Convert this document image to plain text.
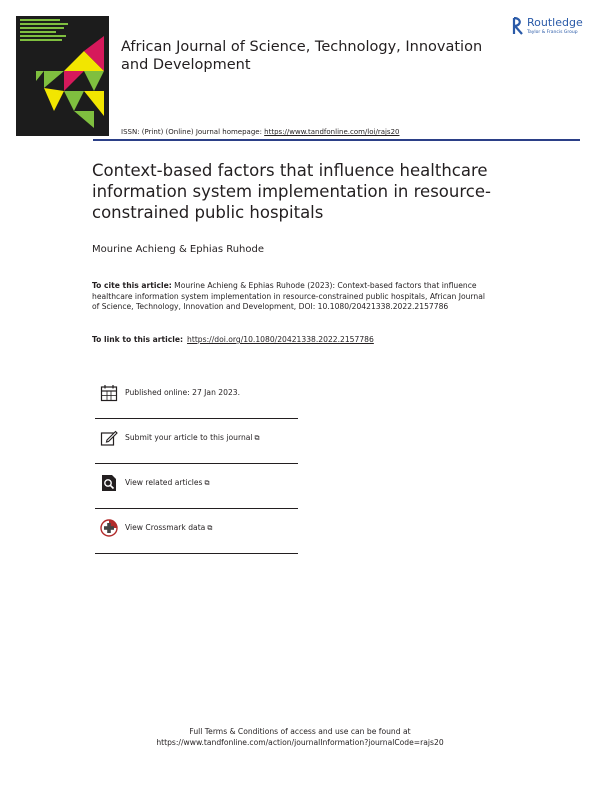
African Journal of Science, Technology, Innovation and Development
Routledge
Taylor & Francis Group
ISSN: (Print) (Online) Journal homepage: https://www.tandfonline.com/loi/rajs20
Context-based factors that influence healthcare information system implementation in resource-constrained public hospitals
Mourine Achieng & Ephias Ruhode
To cite this article: Mourine Achieng & Ephias Ruhode (2023): Context-based factors that influence healthcare information system implementation in resource-constrained public hospitals, African Journal of Science, Technology, Innovation and Development, DOI: 10.1080/20421338.2022.2157786
To link to this article: https://doi.org/10.1080/20421338.2022.2157786
Published online: 27 Jan 2023.
Submit your article to this journal ⧉
View related articles ⧉
View Crossmark data ⧉
Full Terms & Conditions of access and use can be found at
https://www.tandfonline.com/action/journalInformation?journalCode=rajs20
